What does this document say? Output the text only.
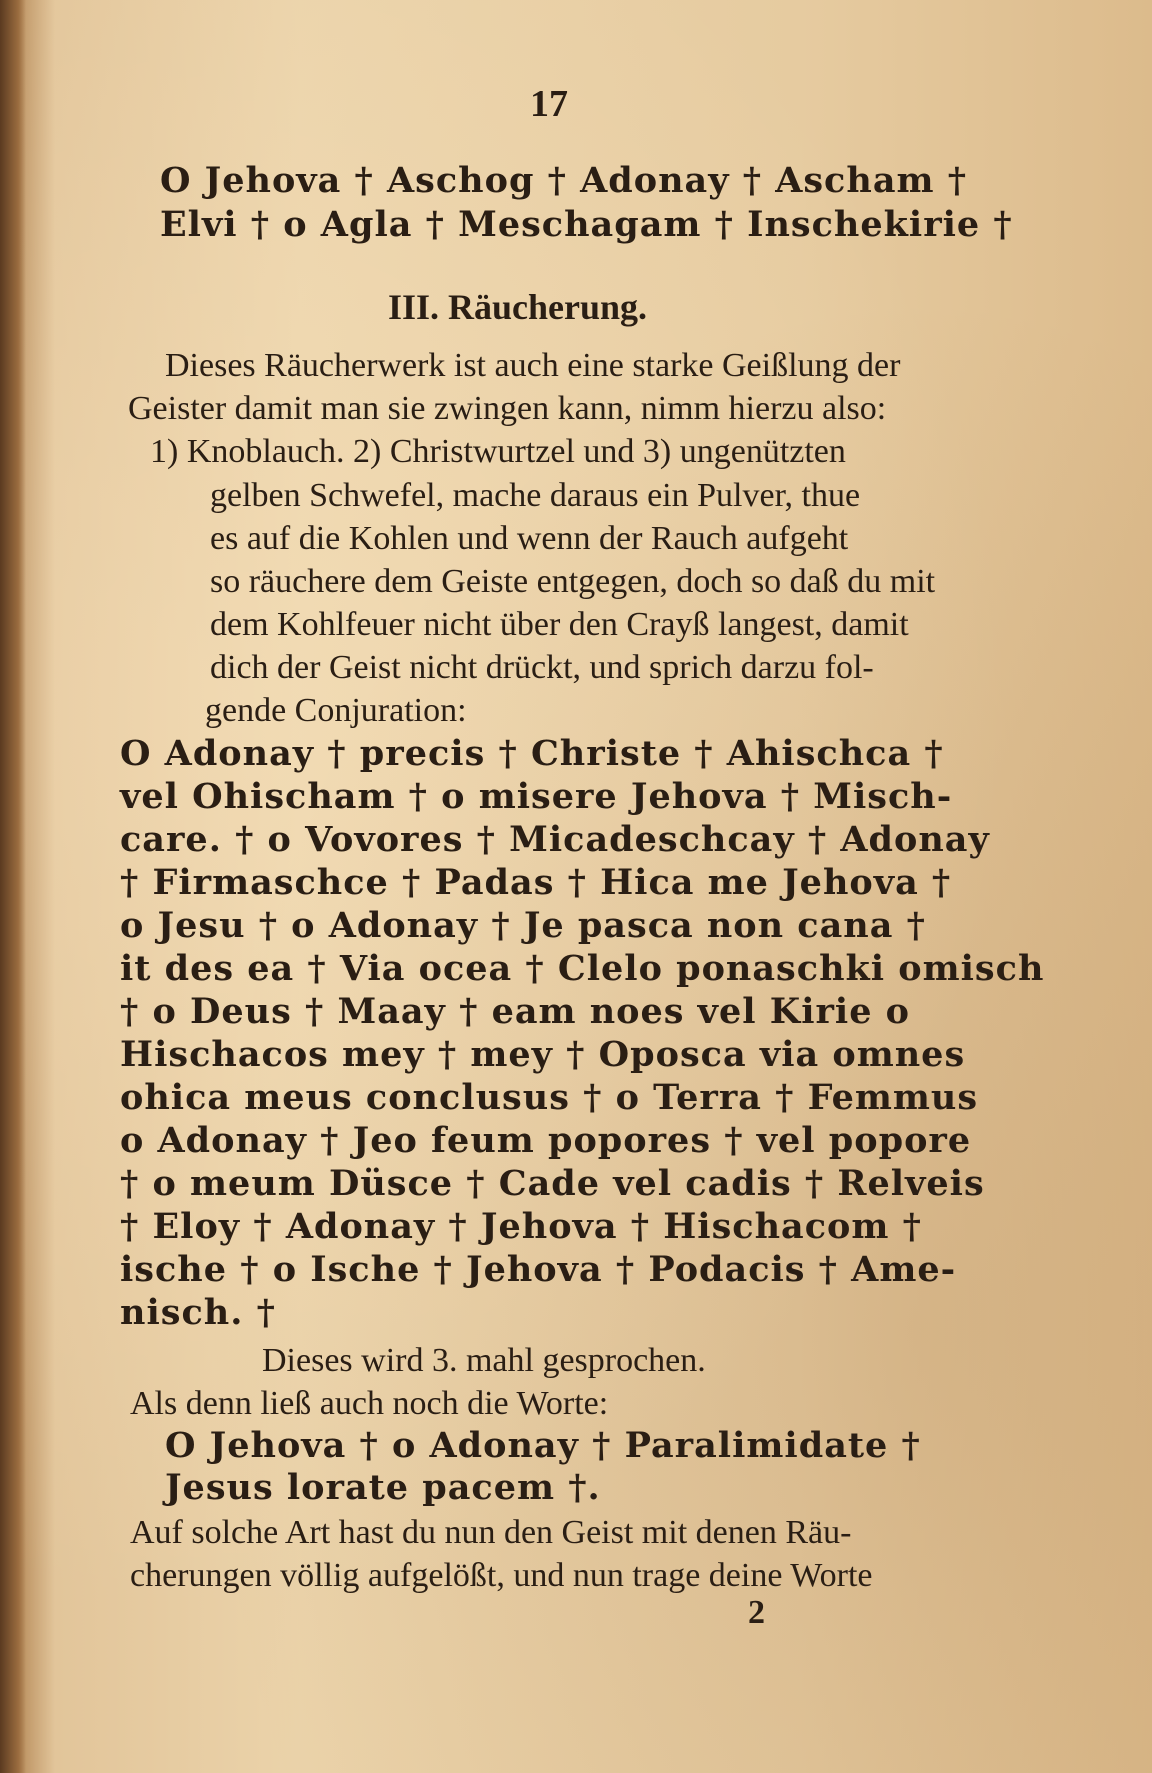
17
O Jehova † Aschog † Adonay † Ascham †
Elvi † o Agla † Meschagam † Inschekirie †
III. Räucherung.
Dieses Räucherwerk ist auch eine starke Geißlung der
Geister damit man sie zwingen kann, nimm hierzu also:
1) Knoblauch. 2) Christwurtzel und 3) ungenützten
gelben Schwefel, mache daraus ein Pulver, thue
es auf die Kohlen und wenn der Rauch aufgeht
so räuchere dem Geiste entgegen, doch so daß du mit
dem Kohlfeuer nicht über den Crayß langest, damit
dich der Geist nicht drückt, und sprich darzu fol-
gende Conjuration:
O Adonay † precis † Christe † Ahischca †
vel Ohischam † o misere Jehova † Misch-
care. † o Vovores † Micadeschcay † Adonay
† Firmaschce † Padas † Hica me Jehova †
o Jesu † o Adonay † Je pasca non cana †
it des ea † Via ocea † Clelo ponaschki omisch
† o Deus † Maay † eam noes vel Kirie o
Hischacos mey † mey † Oposca via omnes
ohica meus conclusus † o Terra † Femmus
o Adonay † Jeo feum popores † vel popore
† o meum Düsce † Cade vel cadis † Relveis
† Eloy † Adonay † Jehova † Hischacom †
ische † o Ische † Jehova † Podacis † Ame-
nisch. †
Dieses wird 3. mahl gesprochen.
Als denn ließ auch noch die Worte:
O Jehova † o Adonay † Paralimidate †
Jesus lorate pacem †.
Auf solche Art hast du nun den Geist mit denen Räu-
cherungen völlig aufgelößt, und nun trage deine Worte
2
